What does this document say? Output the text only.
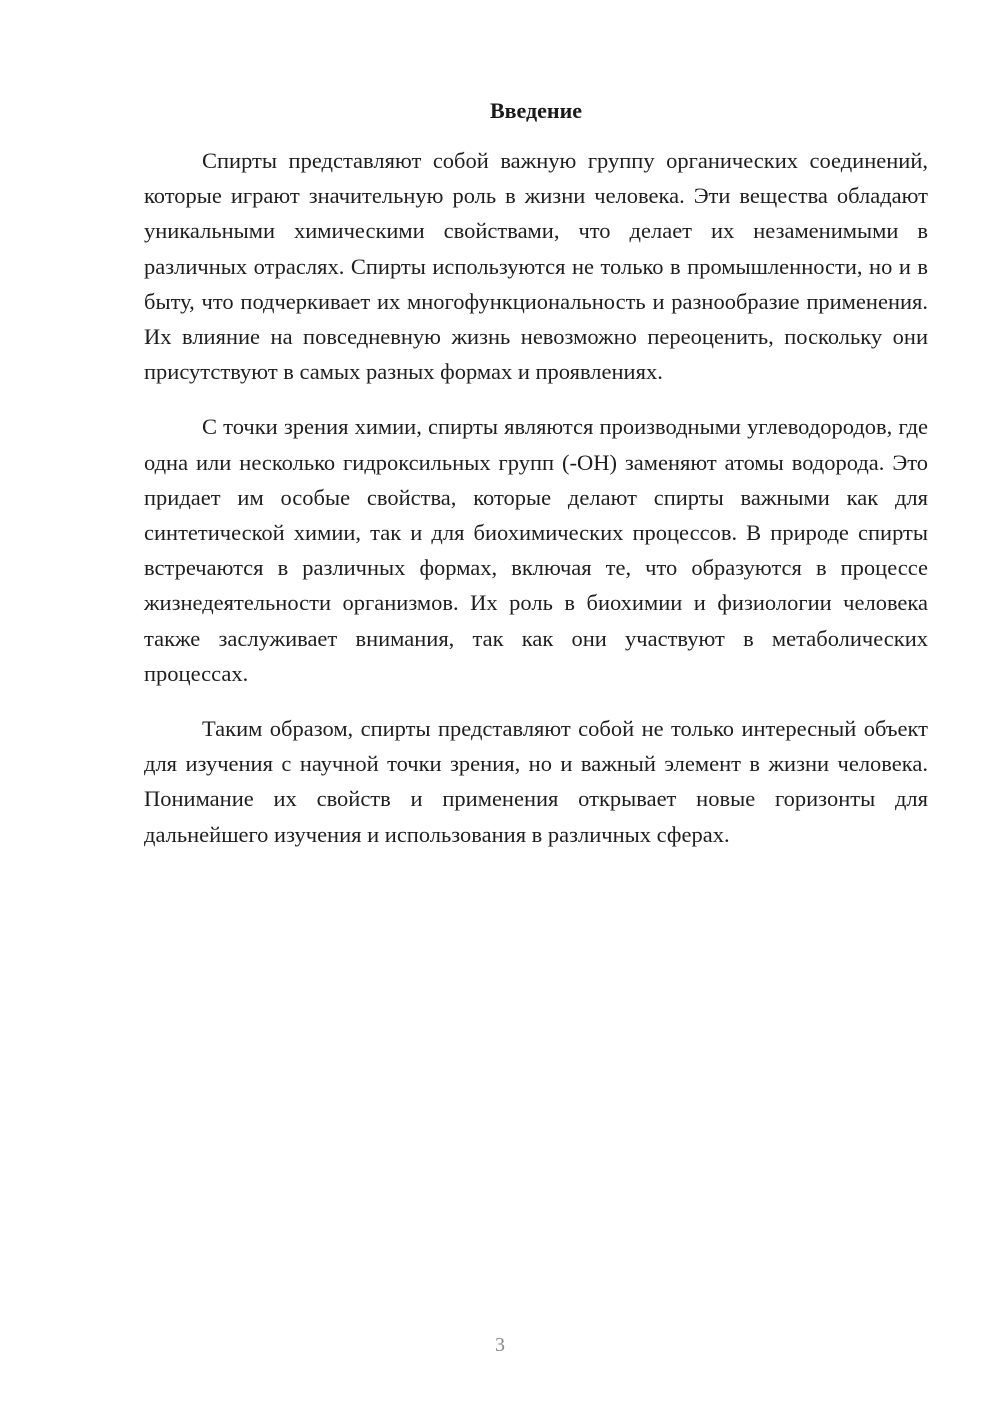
Введение

Спирты представляют собой важную группу органических соединений, которые играют значительную роль в жизни человека. Эти вещества обладают уникальными химическими свойствами, что делает их незаменимыми в различных отраслях. Спирты используются не только в промышленности, но и в быту, что подчеркивает их многофункциональность и разнообразие применения. Их влияние на повседневную жизнь невозможно переоценить, поскольку они присутствуют в самых разных формах и проявлениях.

С точки зрения химии, спирты являются производными углеводородов, где одна или несколько гидроксильных групп (-OH) заменяют атомы водорода. Это придает им особые свойства, которые делают спирты важными как для синтетической химии, так и для биохимических процессов. В природе спирты встречаются в различных формах, включая те, что образуются в процессе жизнедеятельности организмов. Их роль в биохимии и физиологии человека также заслуживает внимания, так как они участвуют в метаболических процессах.

Таким образом, спирты представляют собой не только интересный объект для изучения с научной точки зрения, но и важный элемент в жизни человека. Понимание их свойств и применения открывает новые горизонты для дальнейшего изучения и использования в различных сферах.

3
